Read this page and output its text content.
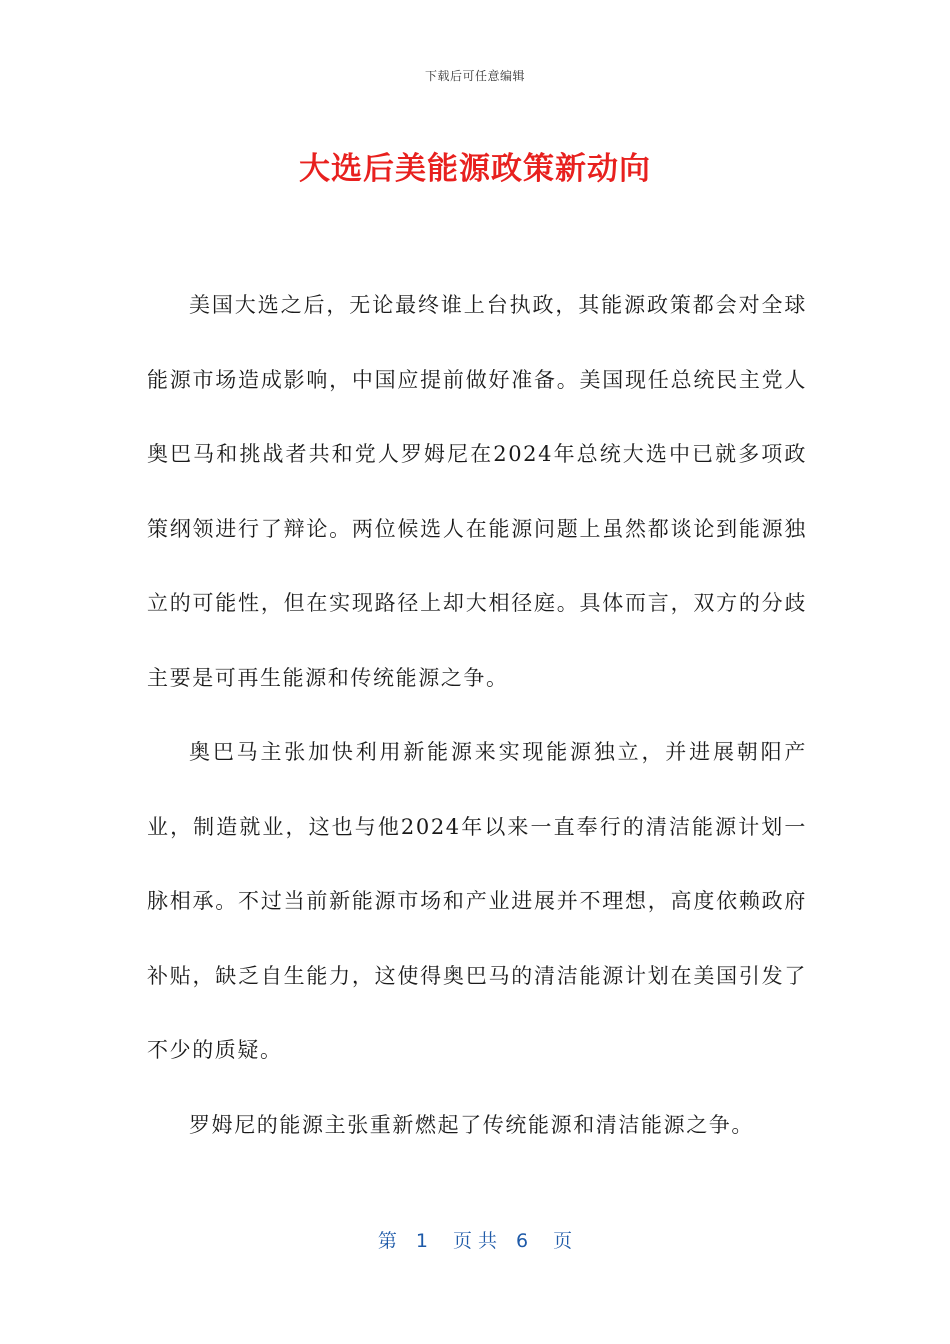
下载后可任意编辑
大选后美能源政策新动向

美国大选之后，无论最终谁上台执政，其能源政策都会对全球能源市场造成影响，中国应提前做好准备。美国现任总统民主党人奥巴马和挑战者共和党人罗姆尼在2024年总统大选中已就多项政策纲领进行了辩论。两位候选人在能源问题上虽然都谈论到能源独立的可能性，但在实现路径上却大相径庭。具体而言，双方的分歧主要是可再生能源和传统能源之争。

奥巴马主张加快利用新能源来实现能源独立，并进展朝阳产业，制造就业，这也与他2024年以来一直奉行的清洁能源计划一脉相承。不过当前新能源市场和产业进展并不理想，高度依赖政府补贴，缺乏自生能力，这使得奥巴马的清洁能源计划在美国引发了不少的质疑。

罗姆尼的能源主张重新燃起了传统能源和清洁能源之争。

第　1　 页 共　6　 页
